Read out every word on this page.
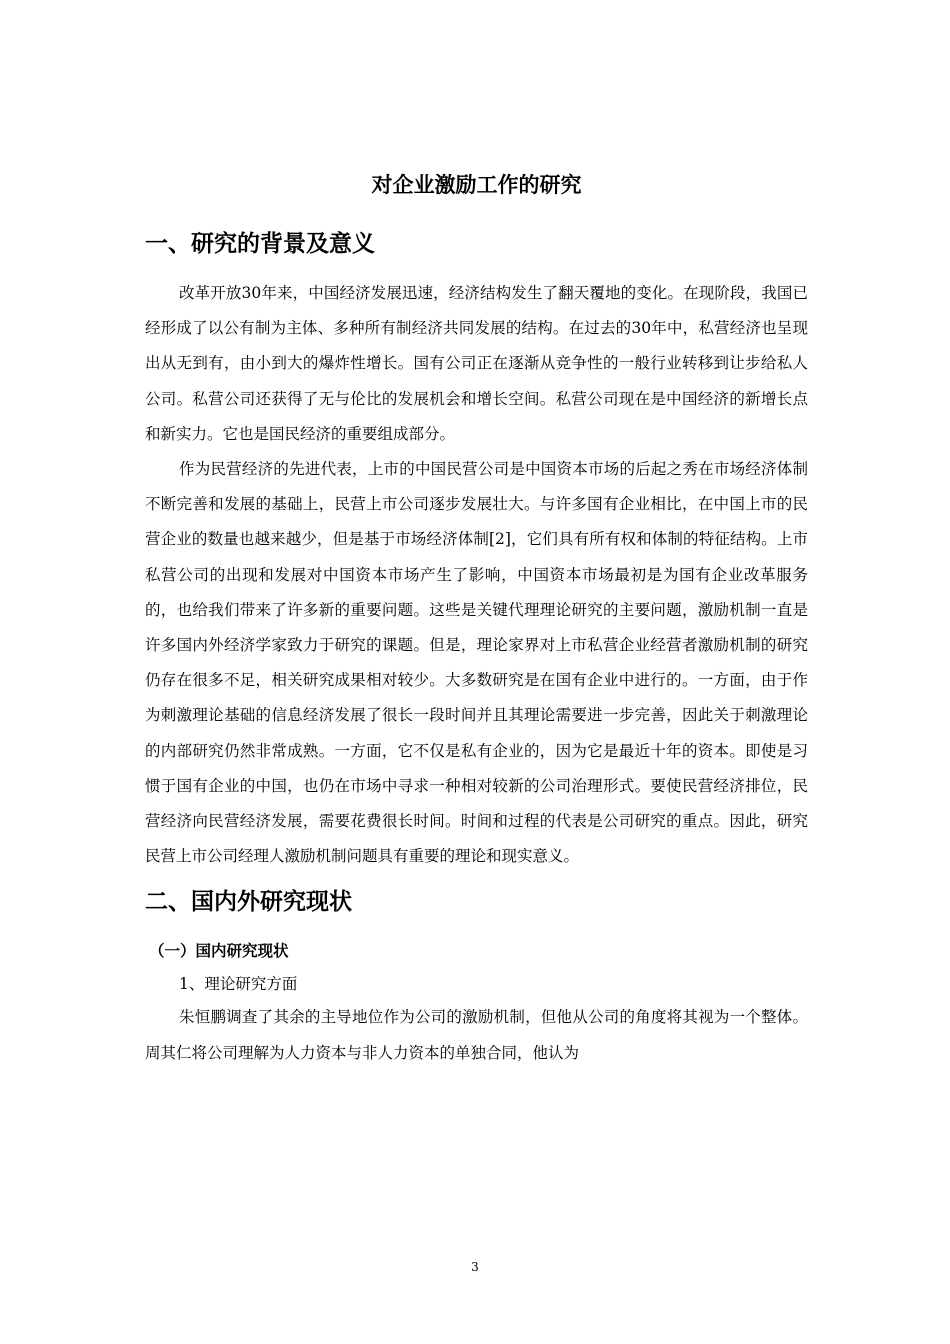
对企业激励工作的研究
一、研究的背景及意义

改革开放30年来，中国经济发展迅速，经济结构发生了翻天覆地的变化。在现阶段，我国已经形成了以公有制为主体、多种所有制经济共同发展的结构。在过去的30年中，私营经济也呈现出从无到有，由小到大的爆炸性增长。国有公司正在逐渐从竞争性的一般行业转移到让步给私人公司。私营公司还获得了无与伦比的发展机会和增长空间。私营公司现在是中国经济的新增长点和新实力。它也是国民经济的重要组成部分。

作为民营经济的先进代表，上市的中国民营公司是中国资本市场的后起之秀在市场经济体制不断完善和发展的基础上，民营上市公司逐步发展壮大。与许多国有企业相比，在中国上市的民营企业的数量也越来越少，但是基于市场经济体制[2]，它们具有所有权和体制的特征结构。上市私营公司的出现和发展对中国资本市场产生了影响，中国资本市场最初是为国有企业改革服务的，也给我们带来了许多新的重要问题。这些是关键代理理论研究的主要问题，激励机制一直是许多国内外经济学家致力于研究的课题。但是，理论家界对上市私营企业经营者激励机制的研究仍存在很多不足，相关研究成果相对较少。大多数研究是在国有企业中进行的。一方面，由于作为刺激理论基础的信息经济发展了很长一段时间并且其理论需要进一步完善，因此关于刺激理论的内部研究仍然非常成熟。一方面，它不仅是私有企业的，因为它是最近十年的资本。即使是习惯于国有企业的中国，也仍在市场中寻求一种相对较新的公司治理形式。要使民营经济排位，民营经济向民营经济发展，需要花费很长时间。时间和过程的代表是公司研究的重点。因此，研究民营上市公司经理人激励机制问题具有重要的理论和现实意义。

二、国内外研究现状
（一）国内研究现状
1、理论研究方面

朱恒鹏调查了其余的主导地位作为公司的激励机制，但他从公司的角度将其视为一个整体。周其仁将公司理解为人力资本与非人力资本的单独合同，他认为

3
